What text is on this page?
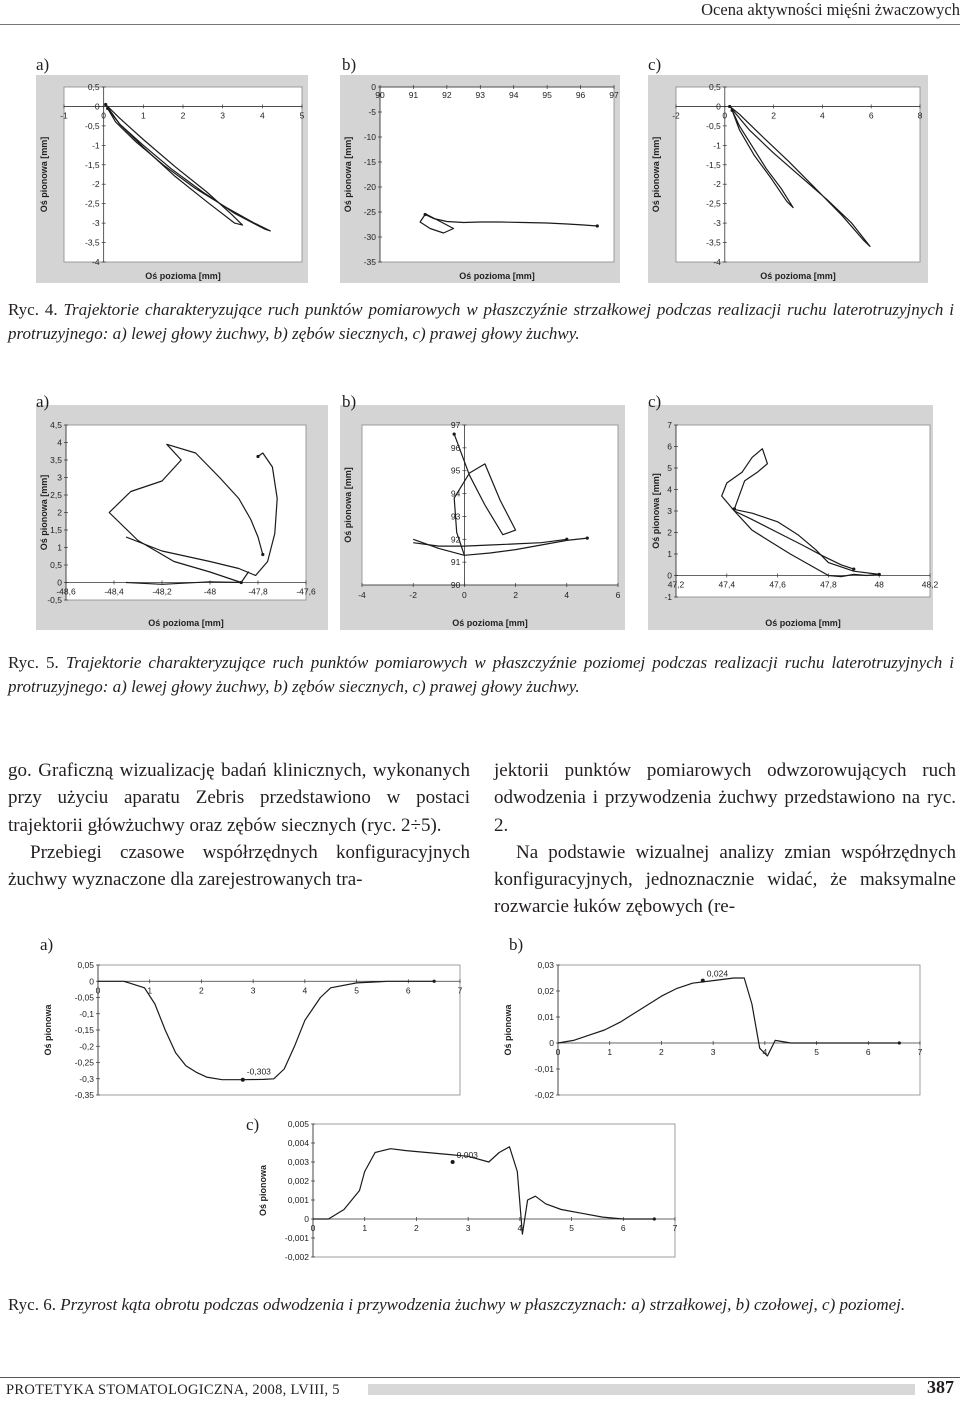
Ocena aktywności mięśni żwaczowych
-1	0	1	2	3	4	5
0,5
0
-0,5
-1
-1,5
-2
-2,5
-3
-3,5
-4
Oś pozioma [mm]
Oś pionowa [mm]
90	91	92	93	94	95	96	97
0
-5
-10
-15
-20
-25
-30
-35
Oś pozioma [mm]
Oś pionowa [mm]
-2	0	2	4	6	8
0,5
0
-0,5
-1
-1,5
-2
-2,5
-3
-3,5
-4
Oś pozioma [mm]
Oś pionowa [mm]
a)	b)	c)
Ryc. 4. Trajektorie charakteryzujące ruch punktów pomiarowych w płaszczyźnie strzałkowej podczas realizacji ruchu laterotruzyjnych i protruzyjnego: a) lewej głowy żuchwy, b) zębów siecznych, c) prawej głowy żuchwy.
-48,6	-48,4	-48,2	-48	-47,8	-47,6
4,5
4
3,5
3
2,5
2
1,5
1
0,5
0
-0,5
Oś pozioma [mm]
Oś pionowa [mm]
-4	-2	0	2	4	6
97
96
95
94
93
92
91
90
Oś pozioma [mm]
Oś pionowa [mm]
47,2	47,4	47,6	47,8	48	48,2
7
6
5
4
3
2
1
0
-1
Oś pozioma [mm]
Oś pionowa [mm]
a)	b)	c)
Ryc. 5. Trajektorie charakteryzujące ruch punktów pomiarowych w płaszczyźnie poziomej podczas realizacji ruchu laterotruzyjnych i protruzyjnego: a) lewej głowy żuchwy, b) zębów siecznych, c) prawej głowy żuchwy.

go. Graficzną wizualizację badań klinicznych, wykonanych przy użyciu aparatu Zebris przedstawiono w postaci trajektorii główżuchwy oraz zębów siecznych (ryc. 2÷5).

Przebiegi czasowe współrzędnych konfiguracyjnych żuchwy wyznaczone dla zarejestrowanych tra-

jektorii punktów pomiarowych odwzorowujących ruch odwodzenia i przywodzenia żuchwy przedstawiono na ryc. 2.

Na podstawie wizualnej analizy zmian współrzędnych konfiguracyjnych, jednoznacznie widać, że maksymalne rozwarcie łuków zębowych (re-

0	1	2	3	4	5	6	7
0,05
0
-0,05
-0,1
-0,15
-0,2
-0,25
-0,3
-0,35
Oś pionowa
-0,303
0	1	2	3	4	5	6	7
0,03
0,02
0,01
0
-0,01
-0,02
Oś pionowa
0,024
0	1	2	3	4	5	6	7
0,005
0,004
0,003
0,002
0,001
0
-0,001
-0,002
Oś pionowa
0,003
a)	b)
c)
Ryc. 6. Przyrost kąta obrotu podczas odwodzenia i przywodzenia żuchwy w płaszczyznach: a) strzałkowej, b) czołowej, c) poziomej.
PROTETYKA STOMATOLOGICZNA, 2008, LVIII, 5	387
